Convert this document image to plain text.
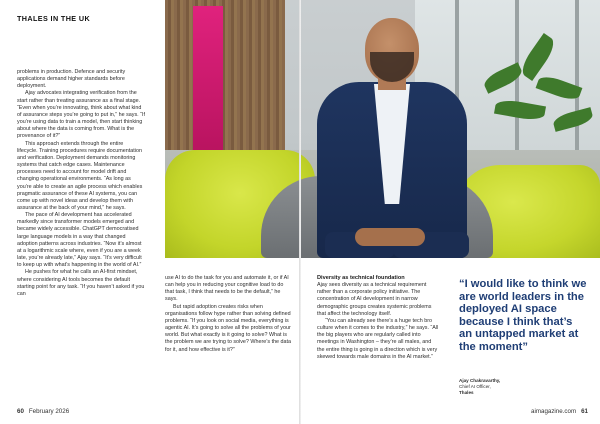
THALES IN THE UK

problems in production. Defence and security applications demand higher standards before deployment.

Ajay advocates integrating verification from the start rather than treating assurance as a final stage. “Even when you’re innovating, think about what kind of assurance steps you’re going to put in,” he says. “If you’re using data to train a model, then start thinking about where the data is coming from. What is the provenance of it?”

This approach extends through the entire lifecycle. Training procedures require documentation and verification. Deployment demands monitoring systems that catch edge cases. Maintenance processes need to account for model drift and changing operational environments. “As long as you’re able to create an agile process which enables pragmatic assurance of these AI systems, you can come up with novel ideas and develop them with assurance at the back of your mind,” he says.

The pace of AI development has accelerated markedly since transformer models emerged and became widely accessible. ChatGPT democratised large language models in a way that changed adoption patterns across industries. “Now it’s almost at a logarithmic scale where, even if you are a week late, you’re already late,” Ajay says. “It’s very difficult to keep up with what’s happening in the world of AI.”

He pushes for what he calls an AI-first mindset, where considering AI tools becomes the default starting point for any task. “If you haven’t asked if you can

60 February 2026	aimagazine.com 61

use AI to do the task for you and automate it, or if AI can help you in reducing your cognitive load to do that task, I think that needs to be the default,” he says.

But rapid adoption creates risks when organisations follow hype rather than solving defined problems. “If you look on social media, everything is agentic AI. It’s going to solve all the problems of your world. But what exactly is it going to solve? What is the problem we are trying to solve? Where’s the data for it, and how effective is it?”

Diversity as technical foundation

Ajay sees diversity as a technical requirement rather than a corporate policy initiative. The concentration of AI development in narrow demographic groups creates systemic problems that affect the technology itself.

“You can already see there’s a huge tech bro culture when it comes to the industry,” he says. “All the big players who are regularly called into meetings in Washington – they’re all males, and the entire thing is going in a direction which is very skewed towards male domains in the AI market.”

“I would like to think we are world leaders in the deployed AI space because I think that’s an untapped market at the moment”
Ajay Chakravarthy,
Chief AI Officer,
Thales
